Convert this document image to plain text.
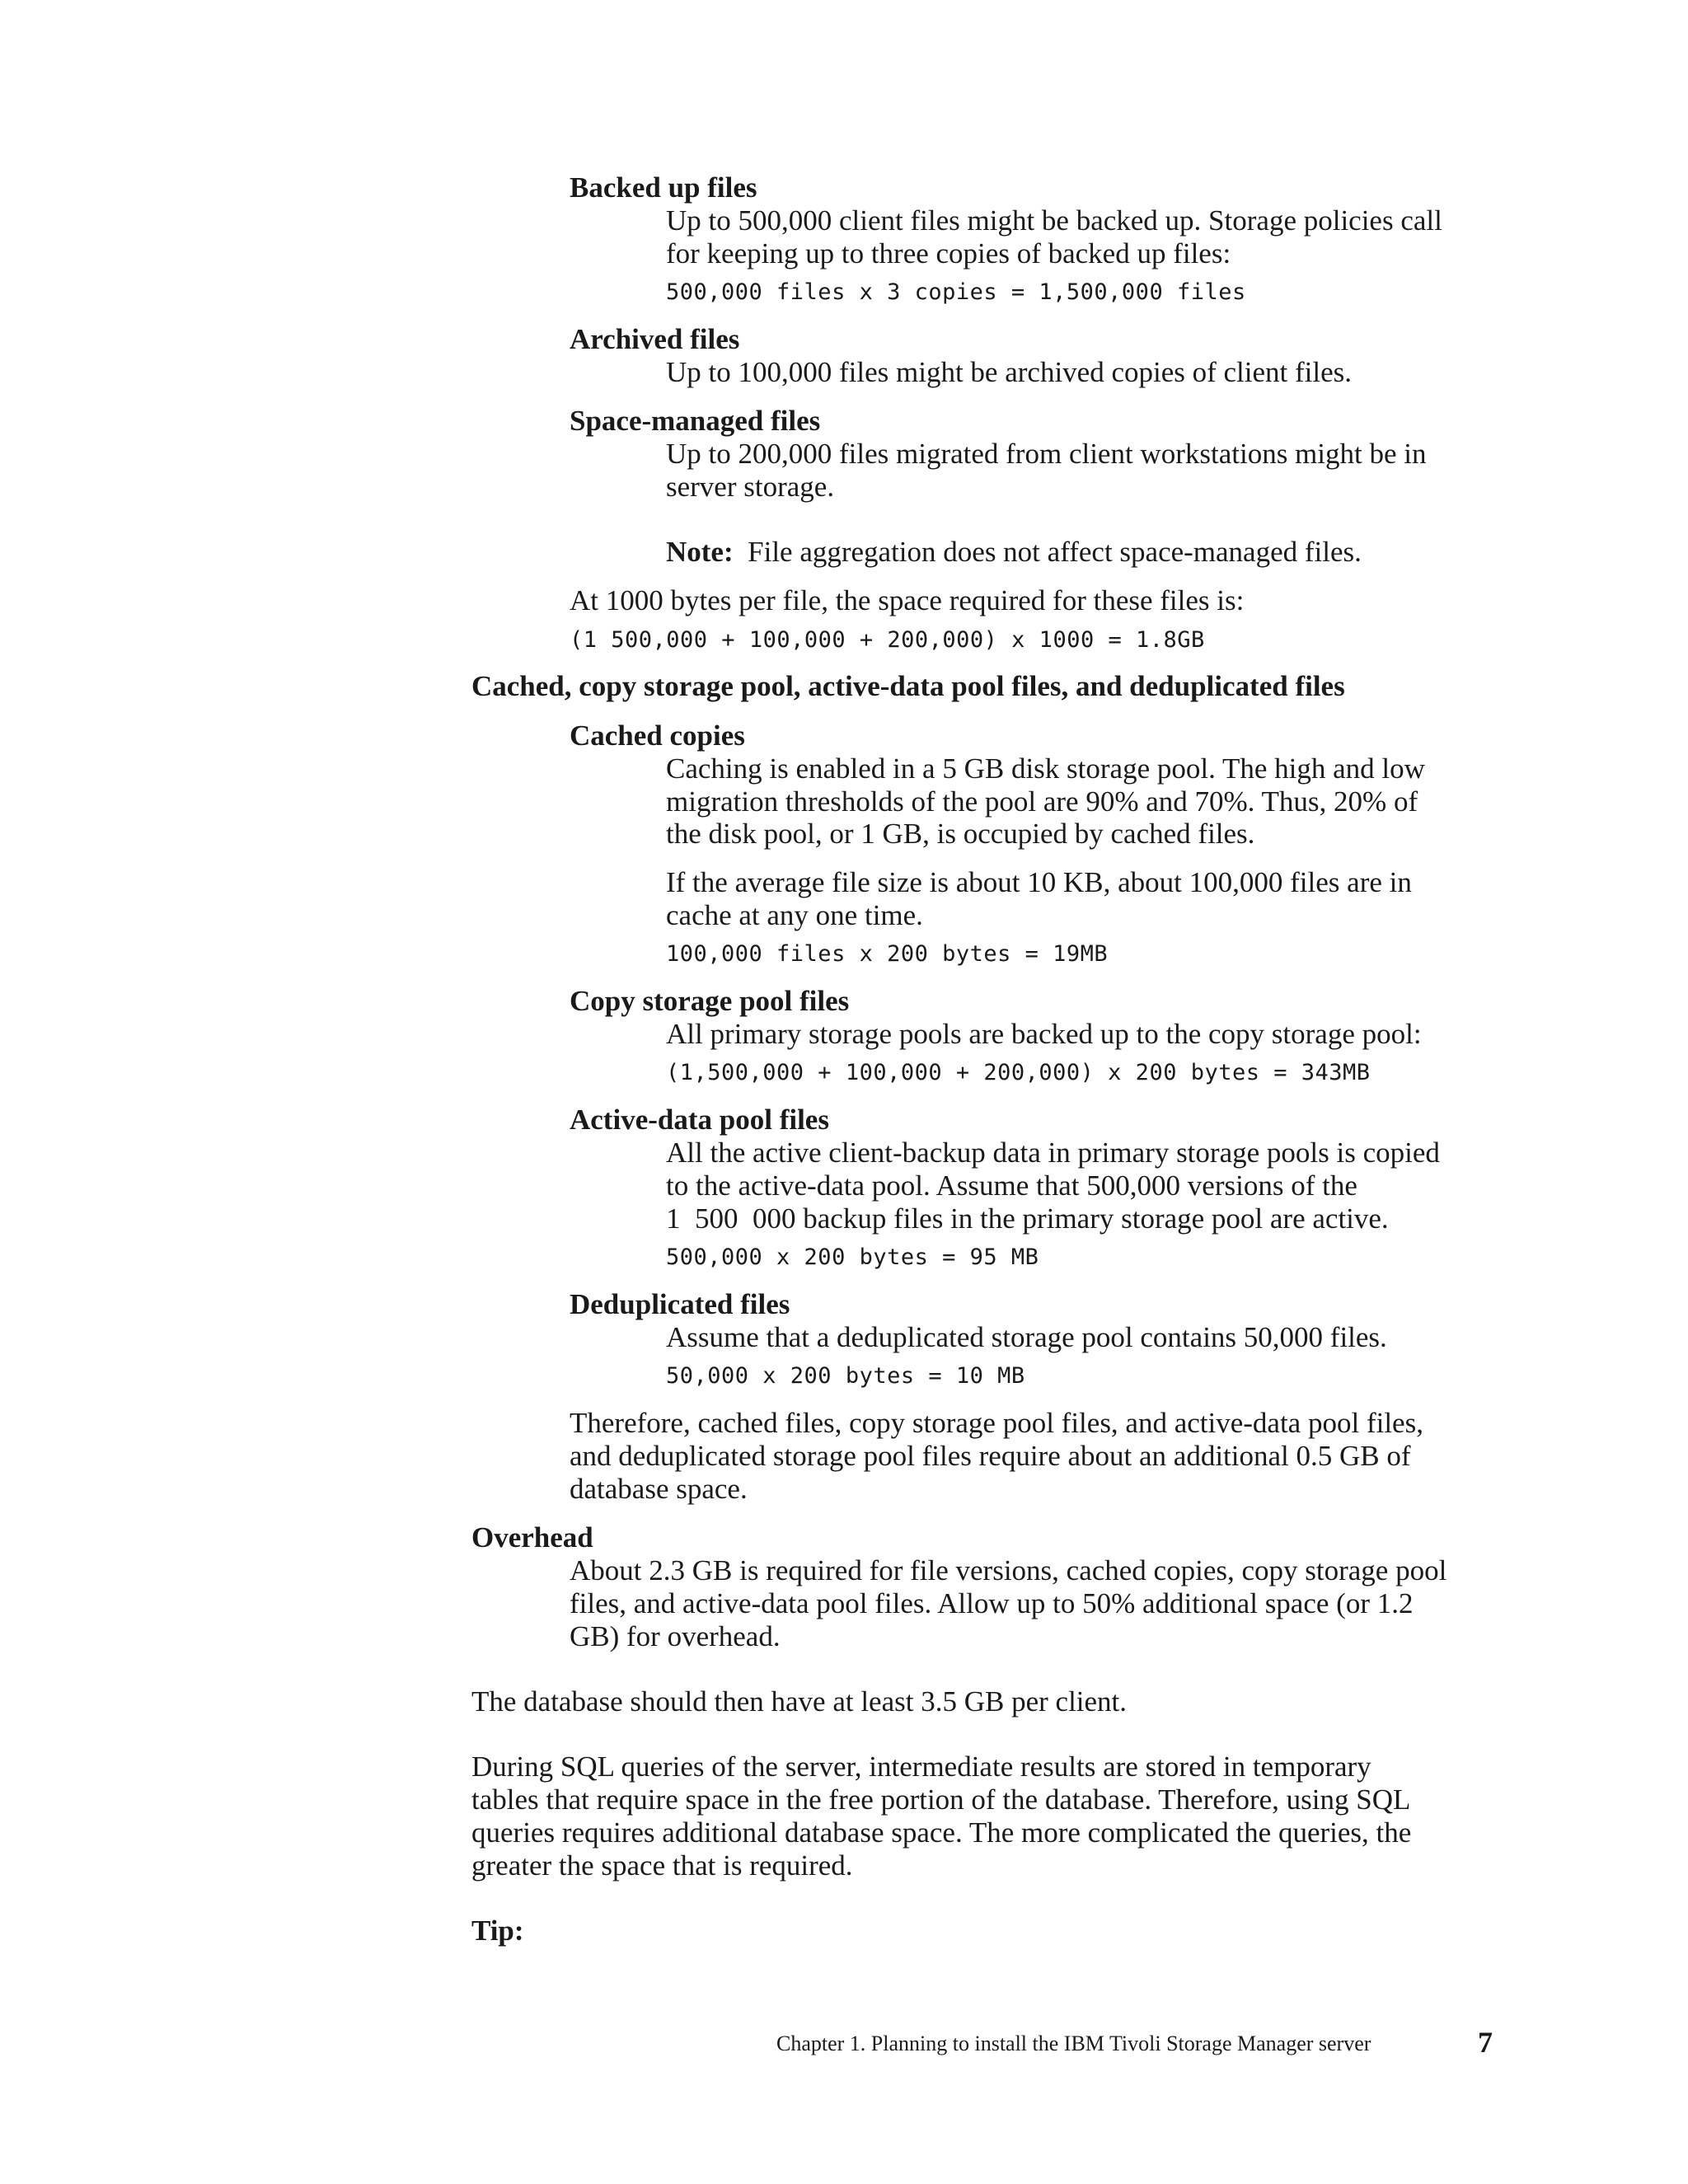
Backed up files
Up to 500,000 client files might be backed up. Storage policies call
for keeping up to three copies of backed up files:
500,000 files x 3 copies = 1,500,000 files
Archived files
Up to 100,000 files might be archived copies of client files.
Space-managed files
Up to 200,000 files migrated from client workstations might be in
server storage.
Note: File aggregation does not affect space-managed files.
At 1000 bytes per file, the space required for these files is:
(1 500,000 + 100,000 + 200,000) x 1000 = 1.8GB
Cached, copy storage pool, active-data pool files, and deduplicated files
Cached copies
Caching is enabled in a 5 GB disk storage pool. The high and low
migration thresholds of the pool are 90% and 70%. Thus, 20% of
the disk pool, or 1 GB, is occupied by cached files.
If the average file size is about 10 KB, about 100,000 files are in
cache at any one time.
100,000 files x 200 bytes = 19MB
Copy storage pool files
All primary storage pools are backed up to the copy storage pool:
(1,500,000 + 100,000 + 200,000) x 200 bytes = 343MB
Active-data pool files
All the active client-backup data in primary storage pools is copied
to the active-data pool. Assume that 500,000 versions of the
1  500  000 backup files in the primary storage pool are active.
500,000 x 200 bytes = 95 MB
Deduplicated files
Assume that a deduplicated storage pool contains 50,000 files.
50,000 x 200 bytes = 10 MB
Therefore, cached files, copy storage pool files, and active-data pool files,
and deduplicated storage pool files require about an additional 0.5 GB of
database space.
Overhead
About 2.3 GB is required for file versions, cached copies, copy storage pool
files, and active-data pool files. Allow up to 50% additional space (or 1.2
GB) for overhead.
The database should then have at least 3.5 GB per client.
During SQL queries of the server, intermediate results are stored in temporary
tables that require space in the free portion of the database. Therefore, using SQL
queries requires additional database space. The more complicated the queries, the
greater the space that is required.
Tip:
Chapter 1. Planning to install the IBM Tivoli Storage Manager server	7
